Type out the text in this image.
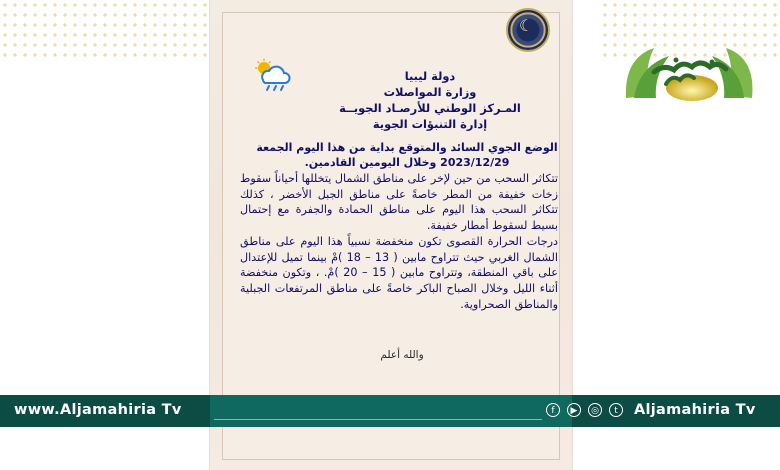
☾
دولة ليبيا
وزارة المواصلات
المـركز الوطني للأرصـاد الجويــة
إدارة التنبؤات الجوية
الوضع الجوي السائد والمتوقع بداية من هذا اليوم الجمعة
2023/12/29 وخلال اليومين القادمين.

تتكاثر السحب من حين لإخر على مناطق الشمال يتخللها أحياناً سقوط زخات خفيفة من المطر خاصةً على مناطق الجبل الأخضر ، كذلك تتكاثر السحب هذا اليوم على مناطق الحمادة والجفرة مع إحتمال بسيط لسقوط أمطار خفيفة.

درجات الحرارة القصوى تكون منخفضة نسبياً هذا اليوم على مناطق الشمال الغربي حيث تتراوح مابين ( 13 – 18 )مْ بينما تميل للإعتدال على باقي المنطقة، وتتراوح مابين ( 15 – 20 )مْ. ، وتكون منخفضة أثناء الليل وخلال الصباح الباكر خاصةً على مناطق المرتفعات الجبلية والمناطق الصحراوية.

والله أعلم
www.Aljamahiria Tv	f	▶	◎	t	Aljamahiria Tv
